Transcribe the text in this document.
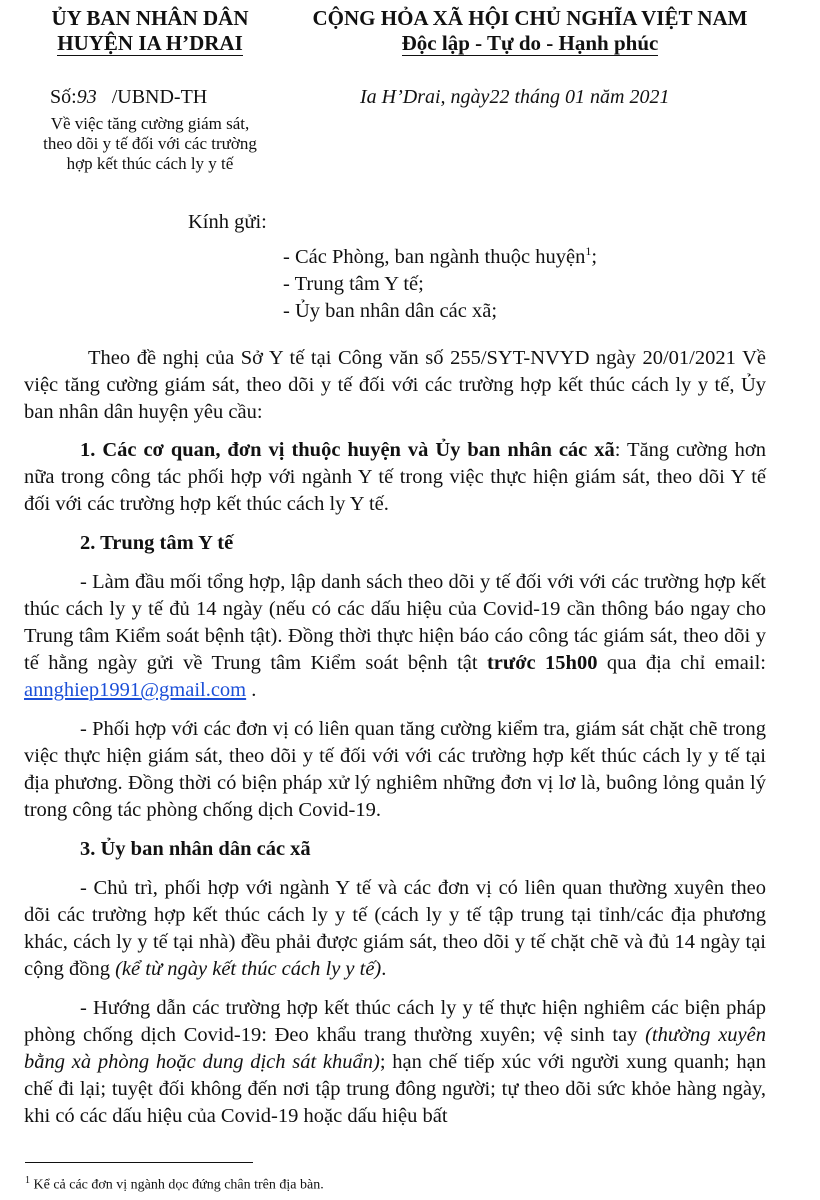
ỦY BAN NHÂN DÂN
HUYỆN IA H’DRAI
CỘNG HỎA XÃ HỘI CHỦ NGHĨA VIỆT NAM
Độc lập - Tự do - Hạnh phúc
Số:93 /UBND-TH
Về việc tăng cường giám sát,
theo dõi y tế đối với các trường
hợp kết thúc cách ly y tế
Ia H’Drai, ngày22 tháng 01 năm 2021
Kính gửi:
- Các Phòng, ban ngành thuộc huyện$^1$;
- Trung tâm Y tế;
- Ủy ban nhân dân các xã;

Theo đề nghị của Sở Y tế tại Công văn số 255/SYT-NVYD ngày 20/01/2021 Về việc tăng cường giám sát, theo dõi y tế đối với các trường hợp kết thúc cách ly y tế, Ủy ban nhân dân huyện yêu cầu:

1. Các cơ quan, đơn vị thuộc huyện và Ủy ban nhân các xã: Tăng cường hơn nữa trong công tác phối hợp với ngành Y tế trong việc thực hiện giám sát, theo dõi Y tế đối với các trường hợp kết thúc cách ly Y tế.

2. Trung tâm Y tế

- Làm đầu mối tổng hợp, lập danh sách theo dõi y tế đối với với các trường hợp kết thúc cách ly y tế đủ 14 ngày (nếu có các dấu hiệu của Covid-19 cần thông báo ngay cho Trung tâm Kiểm soát bệnh tật). Đồng thời thực hiện báo cáo công tác giám sát, theo dõi y tế hằng ngày gửi về Trung tâm Kiểm soát bệnh tật trước 15h00 qua địa chỉ email: annghiep1991@gmail.com .

- Phối hợp với các đơn vị có liên quan tăng cường kiểm tra, giám sát chặt chẽ trong việc thực hiện giám sát, theo dõi y tế đối với với các trường hợp kết thúc cách ly y tế tại địa phương. Đồng thời có biện pháp xử lý nghiêm những đơn vị lơ là, buông lỏng quản lý trong công tác phòng chống dịch Covid-19.

3. Ủy ban nhân dân các xã

- Chủ trì, phối hợp với ngành Y tế và các đơn vị có liên quan thường xuyên theo dõi các trường hợp kết thúc cách ly y tế (cách ly y tế tập trung tại tỉnh/các địa phương khác, cách ly y tế tại nhà) đều phải được giám sát, theo dõi y tế chặt chẽ và đủ 14 ngày tại cộng đồng (kể từ ngày kết thúc cách ly y tế).

- Hướng dẫn các trường hợp kết thúc cách ly y tế thực hiện nghiêm các biện pháp phòng chống dịch Covid-19: Đeo khẩu trang thường xuyên; vệ sinh tay (thường xuyên bằng xà phòng hoặc dung dịch sát khuẩn); hạn chế tiếp xúc với người xung quanh; hạn chế đi lại; tuyệt đối không đến nơi tập trung đông người; tự theo dõi sức khỏe hàng ngày, khi có các dấu hiệu của Covid-19 hoặc dấu hiệu bất

$^1$ Kể cả các đơn vị ngành dọc đứng chân trên địa bàn.
